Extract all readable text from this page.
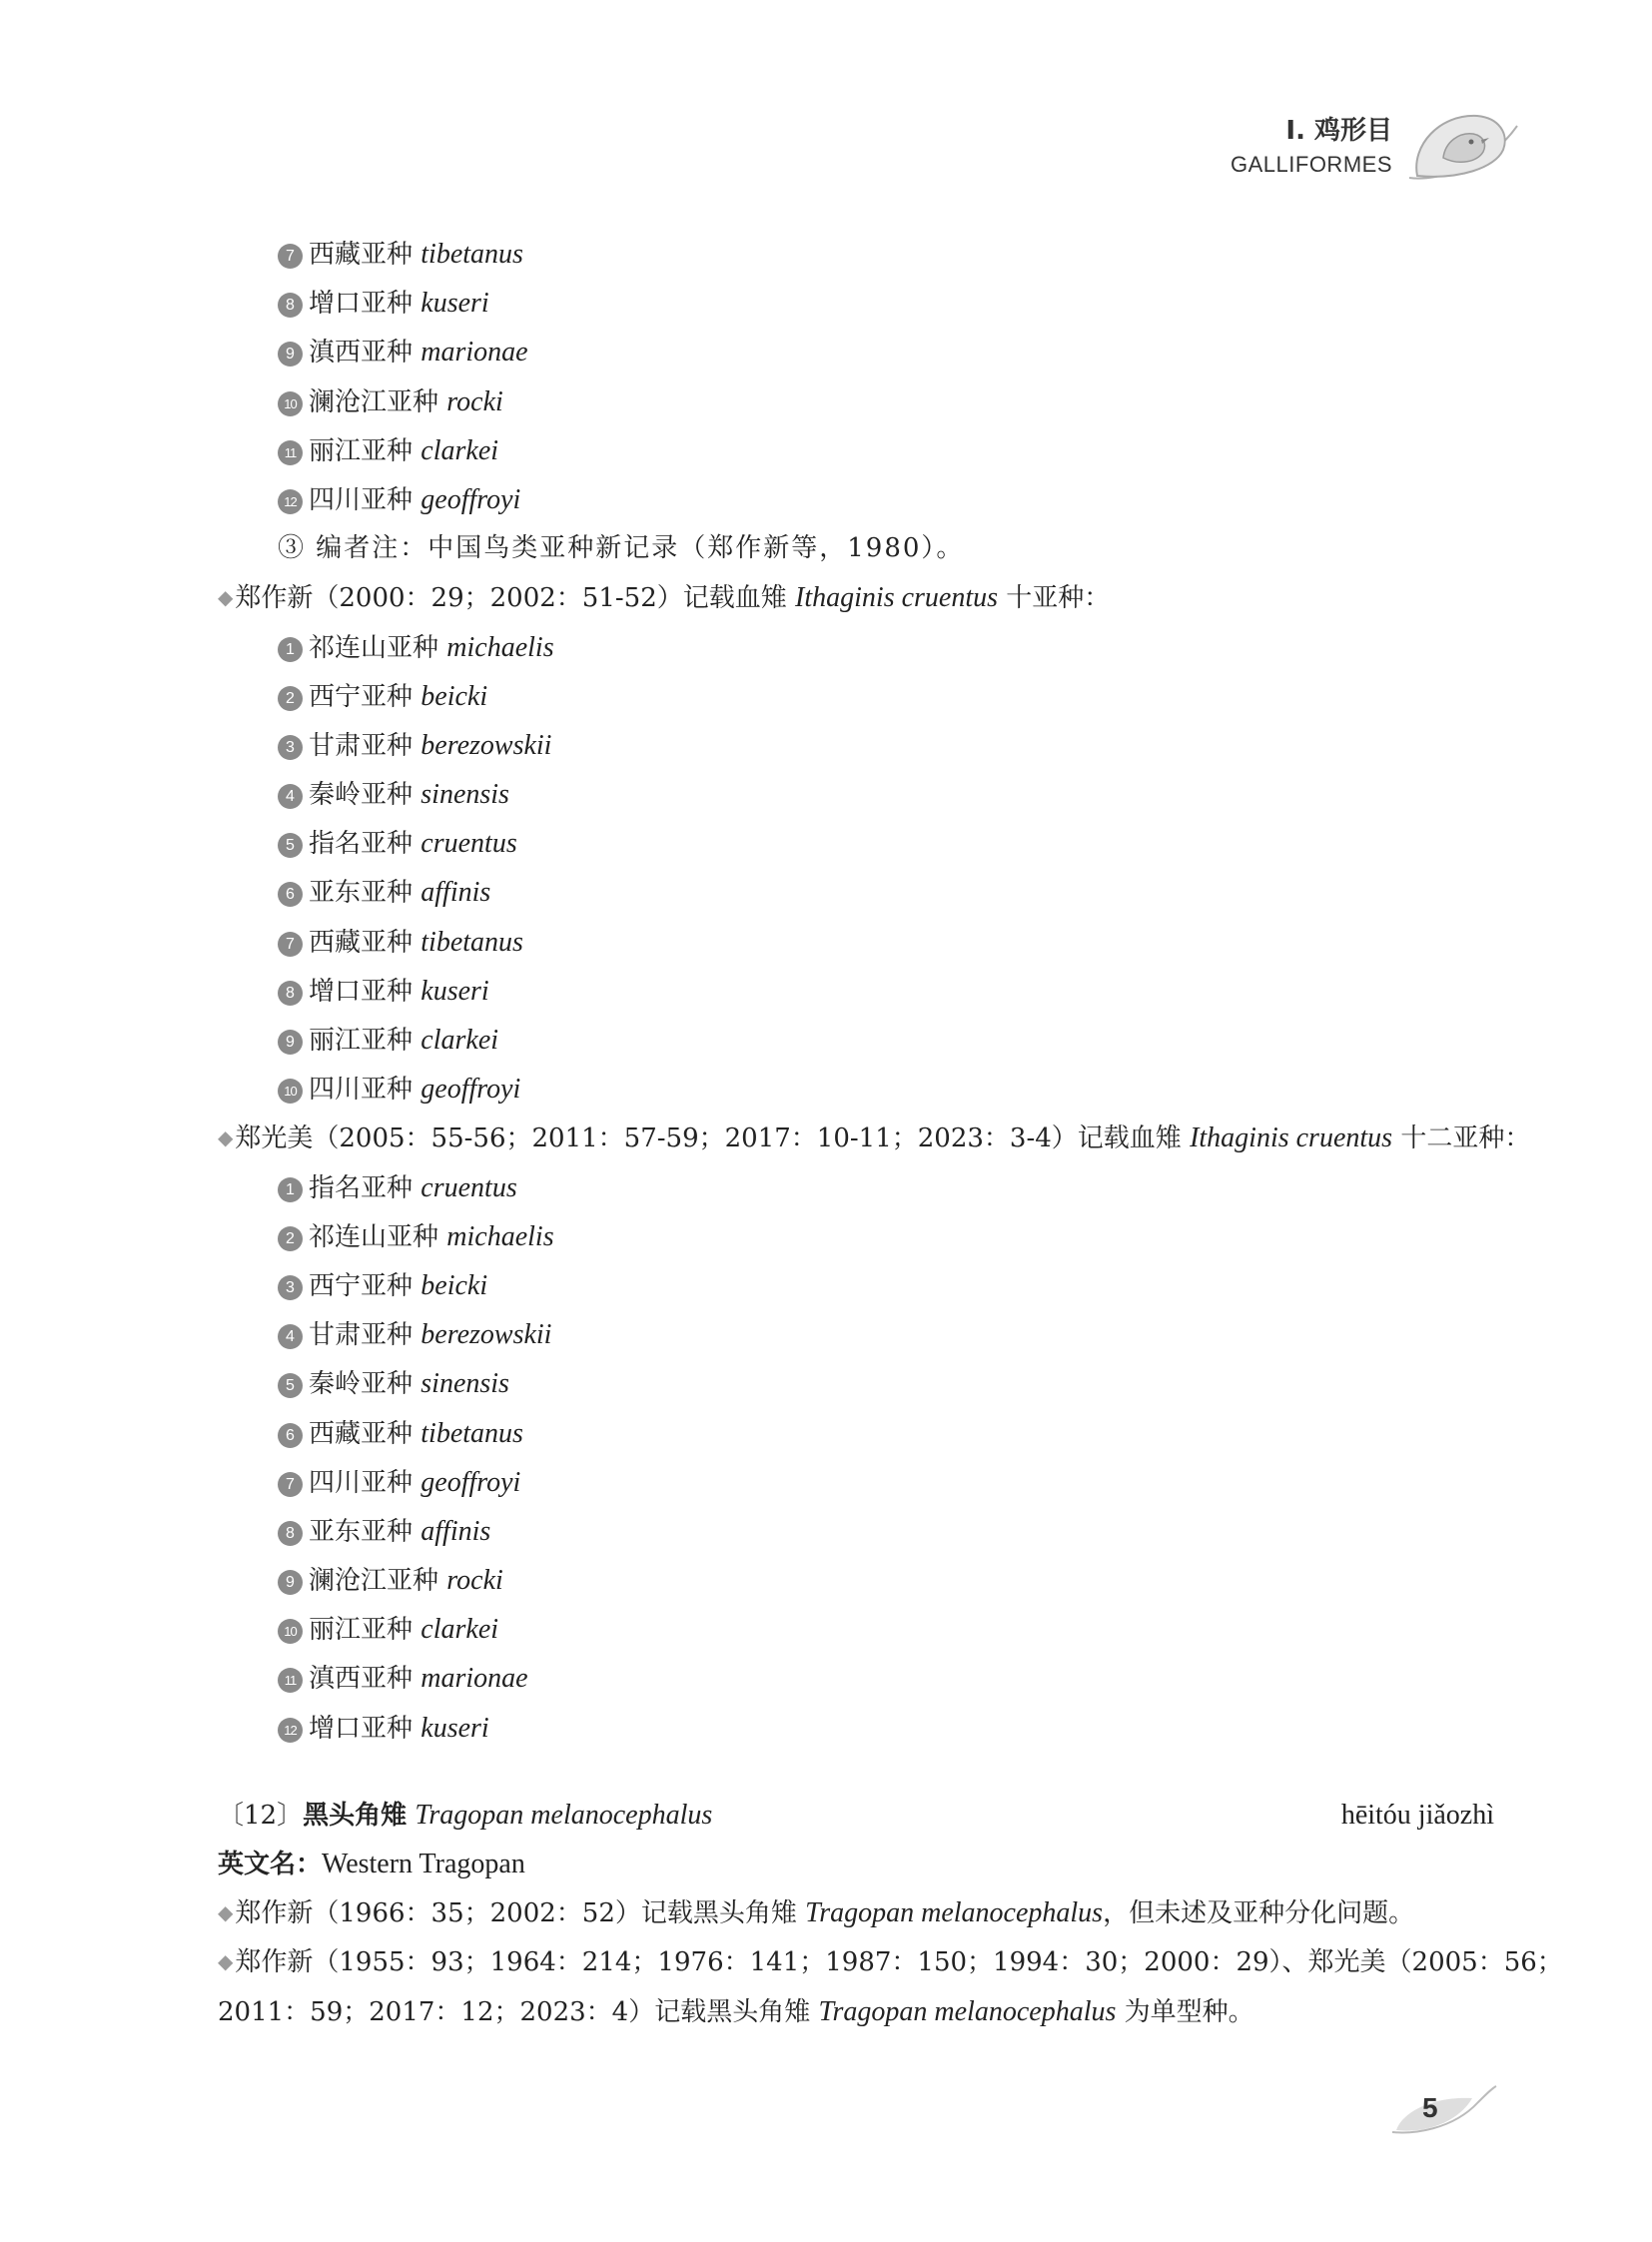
Ⅰ. 鸡形目
GALLIFORMES
7 西藏亚种 tibetanus
8 增口亚种 kuseri
9 滇西亚种 marionae
10 澜沧江亚种 rocki
11 丽江亚种 clarkei
12 四川亚种 geoffroyi
③ 编者注：中国鸟类亚种新记录（郑作新等，1980）。
◆郑作新（2000：29；2002：51-52）记载血雉 Ithaginis cruentus 十亚种：
1 祁连山亚种 michaelis
2 西宁亚种 beicki
3 甘肃亚种 berezowskii
4 秦岭亚种 sinensis
5 指名亚种 cruentus
6 亚东亚种 affinis
7 西藏亚种 tibetanus
8 增口亚种 kuseri
9 丽江亚种 clarkei
10 四川亚种 geoffroyi
◆郑光美（2005：55-56；2011：57-59；2017：10-11；2023：3-4）记载血雉 Ithaginis cruentus 十二亚种：
1 指名亚种 cruentus
2 祁连山亚种 michaelis
3 西宁亚种 beicki
4 甘肃亚种 berezowskii
5 秦岭亚种 sinensis
6 西藏亚种 tibetanus
7 四川亚种 geoffroyi
8 亚东亚种 affinis
9 澜沧江亚种 rocki
10 丽江亚种 clarkei
11 滇西亚种 marionae
12 增口亚种 kuseri
〔12〕黑头角雉 Tragopan melanocephalus	hēitóu jiǎozhì
英文名：Western Tragopan
◆郑作新（1966：35；2002：52）记载黑头角雉 Tragopan melanocephalus，但未述及亚种分化问题。
◆郑作新（1955：93；1964：214；1976：141；1987：150；1994：30；2000：29）、郑光美（2005：56；
2011：59；2017：12；2023：4）记载黑头角雉 Tragopan melanocephalus 为单型种。
5
